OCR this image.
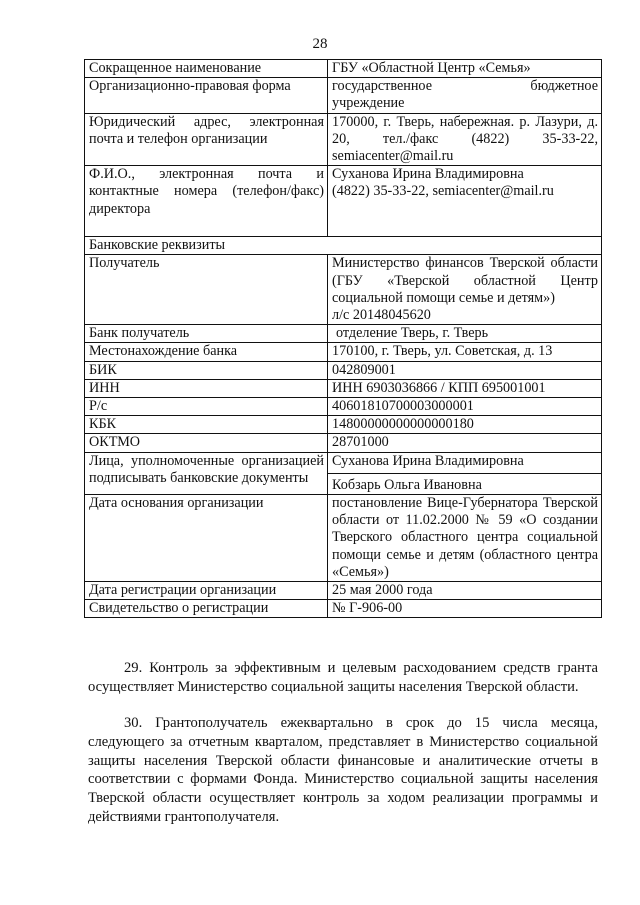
28
Сокращенное наименование	ГБУ «Областной Центр «Семья»
Организационно-правовая форма	государственное бюджетное
учреждение

Юридический адрес, электронная почта и телефон организации	170000, г. Тверь, набережная. р. Лазури, д. 20, тел./факс (4822) 35-33-22, semiacenter@mail.ru
Ф.И.О., электронная почта и контактные номера (телефон/факс) директора	Суханова Ирина Владимировна
(4822) 35-33-22, semiacenter@mail.ru

Банковские реквизиты	
Получатель	Министерство финансов Тверской области (ГБУ «Тверской областной Центр социальной помощи семье и детям»)
л/с 20148045620

Банк получатель	отделение Тверь, г. Тверь
Местонахождение банка	170100, г. Тверь, ул. Советская, д. 13
БИК	042809001
ИНН	ИНН 6903036866 / КПП 695001001
Р/с	40601810700003000001
КБК	14800000000000000180
ОКТМО	28701000
Лица, уполномоченные организацией подписывать банковские документы	Суханова Ирина Владимировна
Кобзарь Ольга Ивановна

Дата основания организации	постановление Вице-Губернатора Тверской области от 11.02.2000 № 59 «О создании Тверского областного центра социальной помощи семье и детям (областного центра «Семья»)
Дата регистрации организации	25 мая 2000 года
Свидетельство о регистрации	№ Г-906-00
29. Контроль за эффективным и целевым расходованием средств гранта осуществляет Министерство социальной защиты населения Тверской области.
30. Грантополучатель ежеквартально в срок до 15 числа месяца, следующего за отчетным кварталом, представляет в Министерство социальной защиты населения Тверской области финансовые и аналитические отчеты в соответствии с формами Фонда. Министерство социальной защиты населения Тверской области осуществляет контроль за ходом реализации программы и действиями грантополучателя.
